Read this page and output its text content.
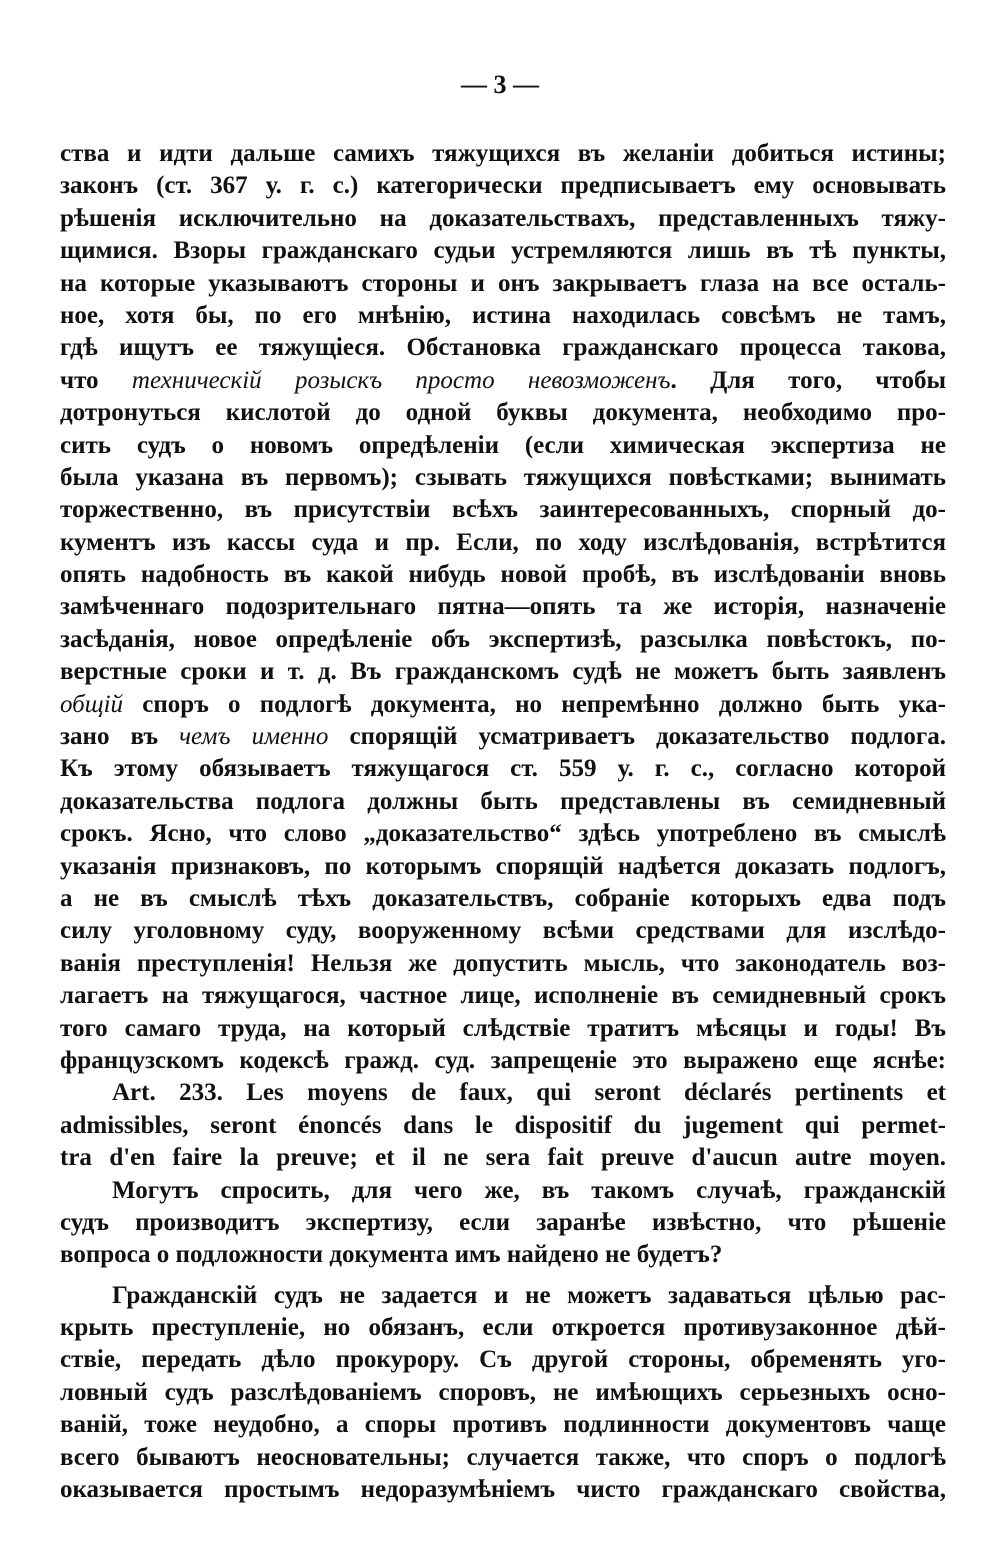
— 3 —
ства и идти дальше самихъ тяжущихся въ желаніи добиться истины;
законъ (ст. 367 у. г. с.) категорически предписываетъ ему основывать
рѣшенія исключительно на доказательствахъ, представленныхъ тяжу-
щимися. Взоры гражданскаго судьи устремляются лишь въ тѣ пункты,
на которые указываютъ стороны и онъ закрываетъ глаза на все осталь-
ное, хотя бы, по его мнѣнію, истина находилась совсѣмъ не тамъ,
гдѣ ищутъ ее тяжущіеся. Обстановка гражданскаго процесса такова,
что техническій розыскъ просто невозможенъ. Для того, чтобы
дотронуться кислотой до одной буквы документа, необходимо про-
сить судъ о новомъ опредѣленіи (если химическая экспертиза не
была указана въ первомъ); сзывать тяжущихся повѣстками; вынимать
торжественно, въ присутствіи всѣхъ заинтересованныхъ, спорный до-
кументъ изъ кассы суда и пр. Если, по ходу изслѣдованія, встрѣтится
опять надобность въ какой нибудь новой пробѣ, въ изслѣдованіи вновь
замѣченнаго подозрительнаго пятна—опять та же исторія, назначеніе
засѣданія, новое опредѣленіе объ экспертизѣ, разсылка повѣстокъ, по-
верстные сроки и т. д. Въ гражданскомъ судѣ не можетъ быть заявленъ
общій споръ о подлогѣ документа, но непремѣнно должно быть ука-
зано въ чемъ именно спорящій усматриваетъ доказательство подлога.
Къ этому обязываетъ тяжущагося ст. 559 у. г. с., согласно которой
доказательства подлога должны быть представлены въ семидневный
срокъ. Ясно, что слово „доказательство“ здѣсь употреблено въ смыслѣ
указанія признаковъ, по которымъ спорящій надѣется доказать подлогъ,
а не въ смыслѣ тѣхъ доказательствъ, собраніе которыхъ едва подъ
силу уголовному суду, вооруженному всѣми средствами для изслѣдо-
ванія преступленія! Нельзя же допустить мысль, что законодатель воз-
лагаетъ на тяжущагося, частное лице, исполненіе въ семидневный срокъ
того самаго труда, на который слѣдствіе тратитъ мѣсяцы и годы! Въ
французскомъ кодексѣ гражд. суд. запрещеніе это выражено еще яснѣе:
Art. 233. Les moyens de faux, qui seront déclarés pertinents et
admissibles, seront énoncés dans le dispositif du jugement qui permet-
tra d'en faire la preuve; et il ne sera fait preuve d'aucun autre moyen.
Могутъ спросить, для чего же, въ такомъ случаѣ, гражданскій
судъ производитъ экспертизу, если заранѣе извѣстно, что рѣшеніе
вопроса о подложности документа имъ найдено не будетъ?
Гражданскій судъ не задается и не можетъ задаваться цѣлью рас-
крыть преступленіе, но обязанъ, если откроется противузаконное дѣй-
ствіе, передать дѣло прокурору. Съ другой стороны, обременять уго-
ловный судъ разслѣдованіемъ споровъ, не имѣющихъ серьезныхъ осно-
ваній, тоже неудобно, а споры противъ подлинности документовъ чаще
всего бываютъ неосновательны; случается также, что споръ о подлогѣ
оказывается простымъ недоразумѣніемъ чисто гражданскаго свойства,
